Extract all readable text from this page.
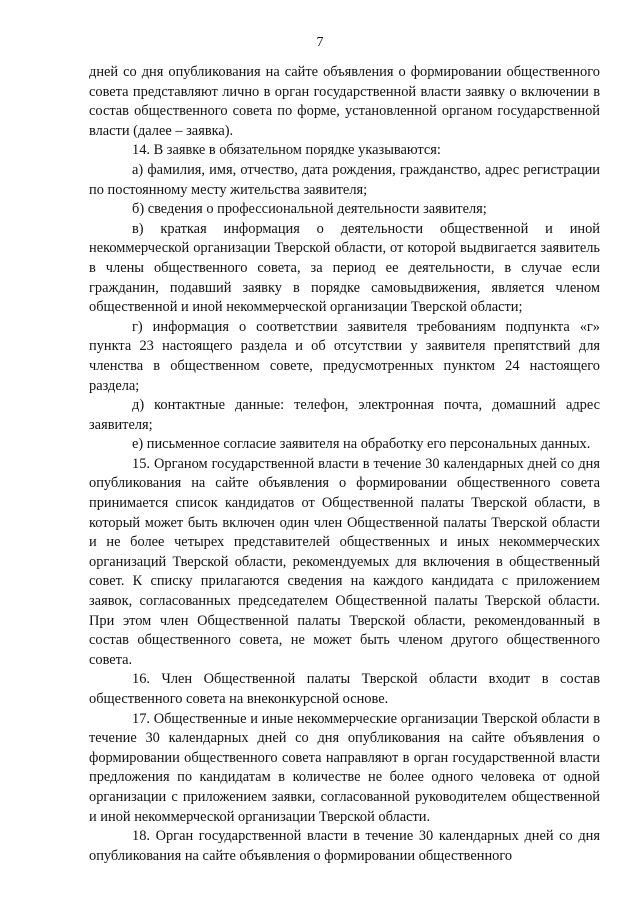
7

дней со дня опубликования на сайте объявления о формировании общественного совета представляют лично в орган государственной власти заявку о включении в состав общественного совета по форме, установленной органом государственной власти (далее – заявка).

14. В заявке в обязательном порядке указываются:

а) фамилия, имя, отчество, дата рождения, гражданство, адрес регистрации по постоянному месту жительства заявителя;

б) сведения о профессиональной деятельности заявителя;

в) краткая информация о деятельности общественной и иной некоммерческой организации Тверской области, от которой выдвигается заявитель в члены общественного совета, за период ее деятельности, в случае если гражданин, подавший заявку в порядке самовыдвижения, является членом общественной и иной некоммерческой организации Тверской области;

г) информация о соответствии заявителя требованиям подпункта «г» пункта 23 настоящего раздела и об отсутствии у заявителя препятствий для членства в общественном совете, предусмотренных пунктом 24 настоящего раздела;

д) контактные данные: телефон, электронная почта, домашний адрес заявителя;

е) письменное согласие заявителя на обработку его персональных данных.

15. Органом государственной власти в течение 30 календарных дней со дня опубликования на сайте объявления о формировании общественного совета принимается список кандидатов от Общественной палаты Тверской области, в который может быть включен один член Общественной палаты Тверской области и не более четырех представителей общественных и иных некоммерческих организаций Тверской области, рекомендуемых для включения в общественный совет. К списку прилагаются сведения на каждого кандидата с приложением заявок, согласованных председателем Общественной палаты Тверской области. При этом член Общественной палаты Тверской области, рекомендованный в состав общественного совета, не может быть членом другого общественного совета.

16. Член Общественной палаты Тверской области входит в состав общественного совета на внеконкурсной основе.

17. Общественные и иные некоммерческие организации Тверской области в течение 30 календарных дней со дня опубликования на сайте объявления о формировании общественного совета направляют в орган государственной власти предложения по кандидатам в количестве не более одного человека от одной организации с приложением заявки, согласованной руководителем общественной и иной некоммерческой организации Тверской области.

18. Орган государственной власти в течение 30 календарных дней со дня опубликования на сайте объявления о формировании общественного
